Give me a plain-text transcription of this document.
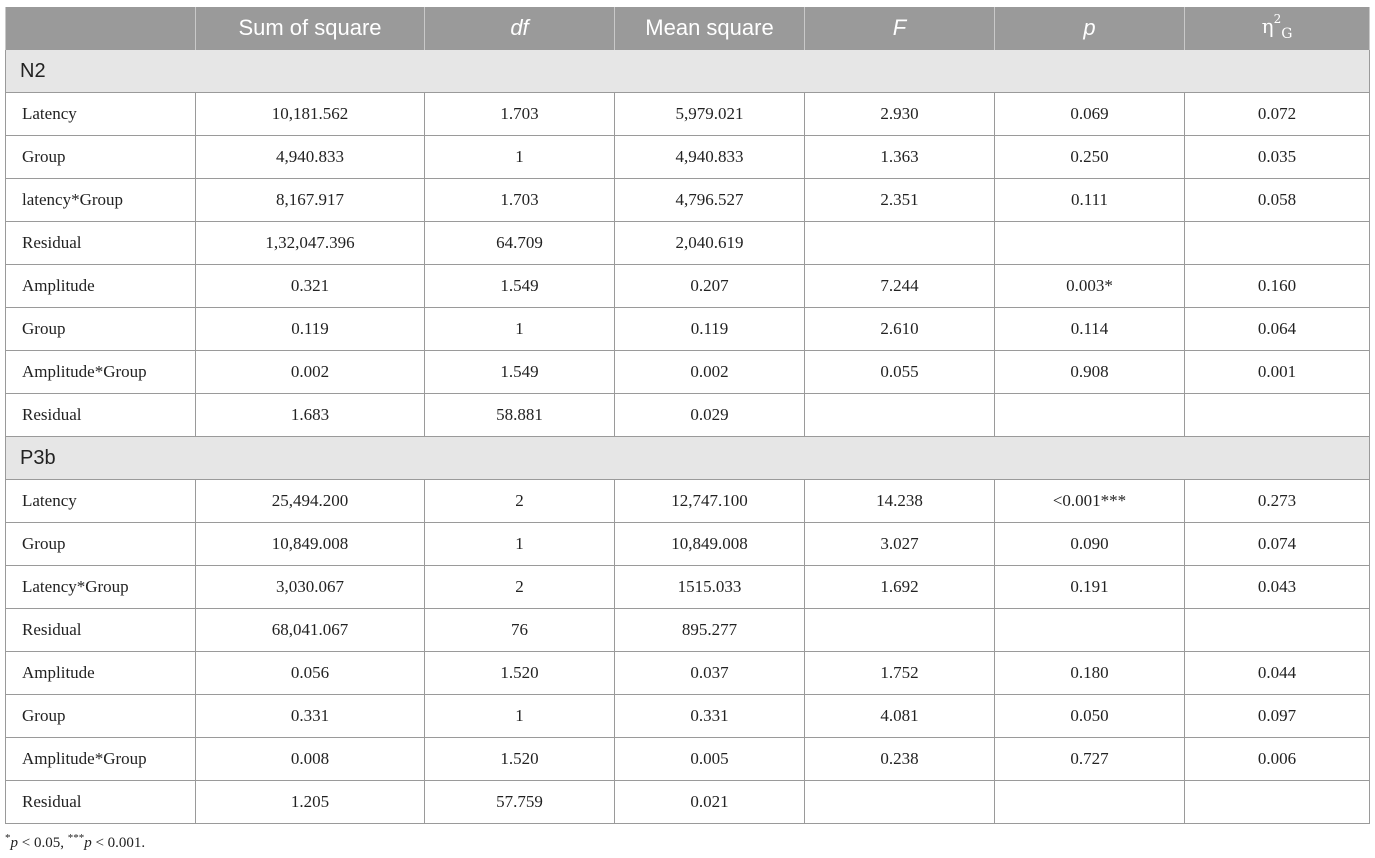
	Sum of square	df	Mean square	F	p	$\eta^2_G$
N2						
Latency	10,181.562	1.703	5,979.021	2.930	0.069	0.072
Group	4,940.833	1	4,940.833	1.363	0.250	0.035
latency*Group	8,167.917	1.703	4,796.527	2.351	0.111	0.058
Residual	1,32,047.396	64.709	2,040.619			
Amplitude	0.321	1.549	0.207	7.244	0.003*	0.160
Group	0.119	1	0.119	2.610	0.114	0.064
Amplitude*Group	0.002	1.549	0.002	0.055	0.908	0.001
Residual	1.683	58.881	0.029			
P3b						
Latency	25,494.200	2	12,747.100	14.238	<0.001***	0.273
Group	10,849.008	1	10,849.008	3.027	0.090	0.074
Latency*Group	3,030.067	2	1515.033	1.692	0.191	0.043
Residual	68,041.067	76	895.277			
Amplitude	0.056	1.520	0.037	1.752	0.180	0.044
Group	0.331	1	0.331	4.081	0.050	0.097
Amplitude*Group	0.008	1.520	0.005	0.238	0.727	0.006
Residual	1.205	57.759	0.021			
*p < 0.05, ***p < 0.001.
